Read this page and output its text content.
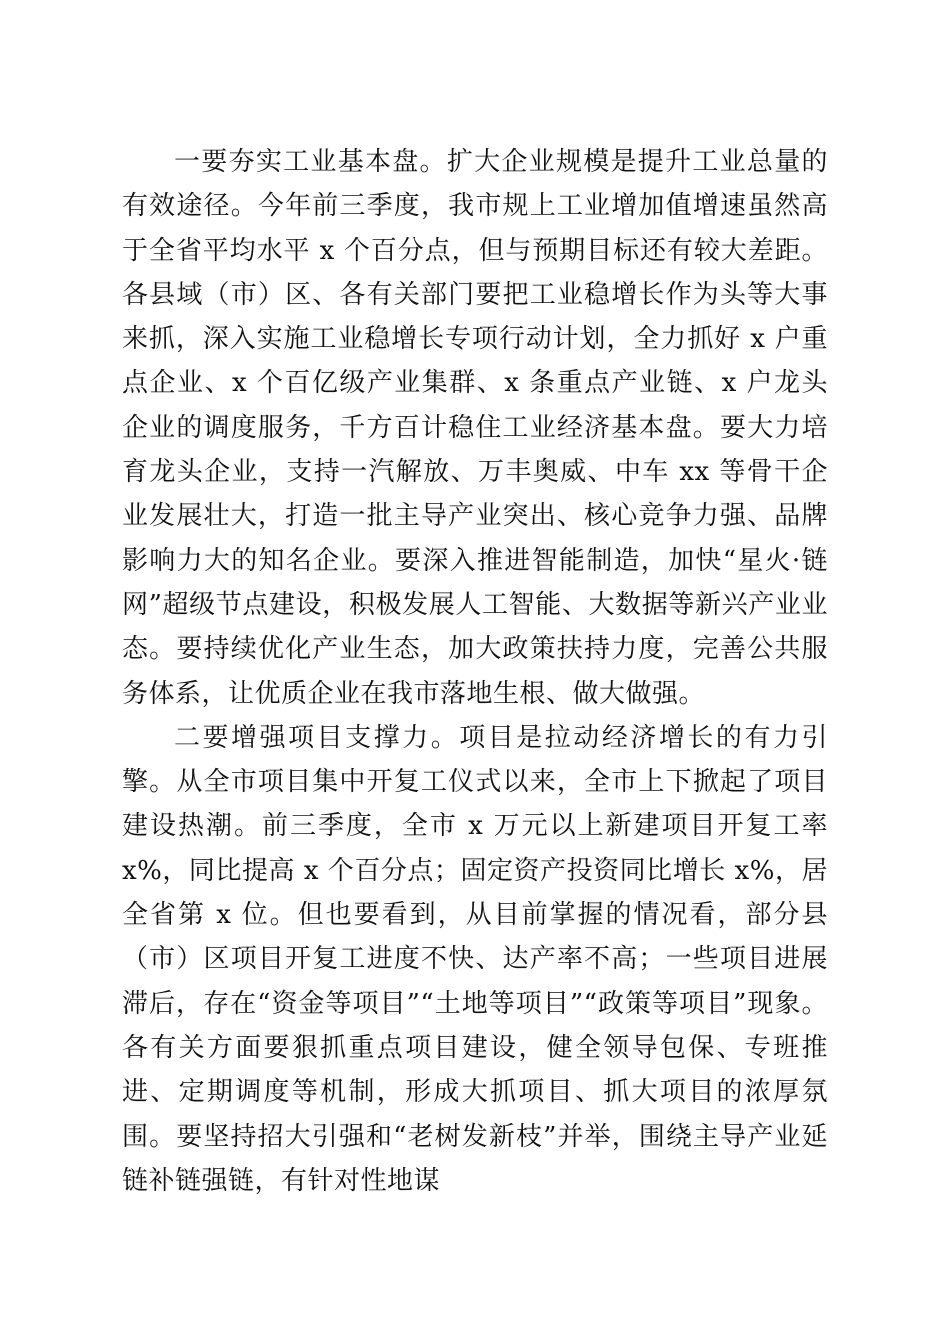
一要夯实工业基本盘。扩大企业规模是提升工业总量的有效途径。今年前三季度，我市规上工业增加值增速虽然高于全省平均水平 x 个百分点，但与预期目标还有较大差距。各县域（市）区、各有关部门要把工业稳增长作为头等大事来抓，深入实施工业稳增长专项行动计划，全力抓好 x 户重点企业、x 个百亿级产业集群、x 条重点产业链、x 户龙头企业的调度服务，千方百计稳住工业经济基本盘。要大力培育龙头企业，支持一汽解放、万丰奥威、中车 xx 等骨干企业发展壮大，打造一批主导产业突出、核心竞争力强、品牌影响力大的知名企业。要深入推进智能制造，加快“星火·链网”超级节点建设，积极发展人工智能、大数据等新兴产业业态。要持续优化产业生态，加大政策扶持力度，完善公共服务体系，让优质企业在我市落地生根、做大做强。

二要增强项目支撑力。项目是拉动经济增长的有力引擎。从全市项目集中开复工仪式以来，全市上下掀起了项目建设热潮。前三季度，全市 x 万元以上新建项目开复工率 x%，同比提高 x 个百分点；固定资产投资同比增长 x%，居全省第 x 位。但也要看到，从目前掌握的情况看，部分县（市）区项目开复工进度不快、达产率不高；一些项目进展滞后，存在“资金等项目”“土地等项目”“政策等项目”现象。各有关方面要狠抓重点项目建设，健全领导包保、专班推进、定期调度等机制，形成大抓项目、抓大项目的浓厚氛围。要坚持招大引强和“老树发新枝”并举，围绕主导产业延链补链强链，有针对性地谋
